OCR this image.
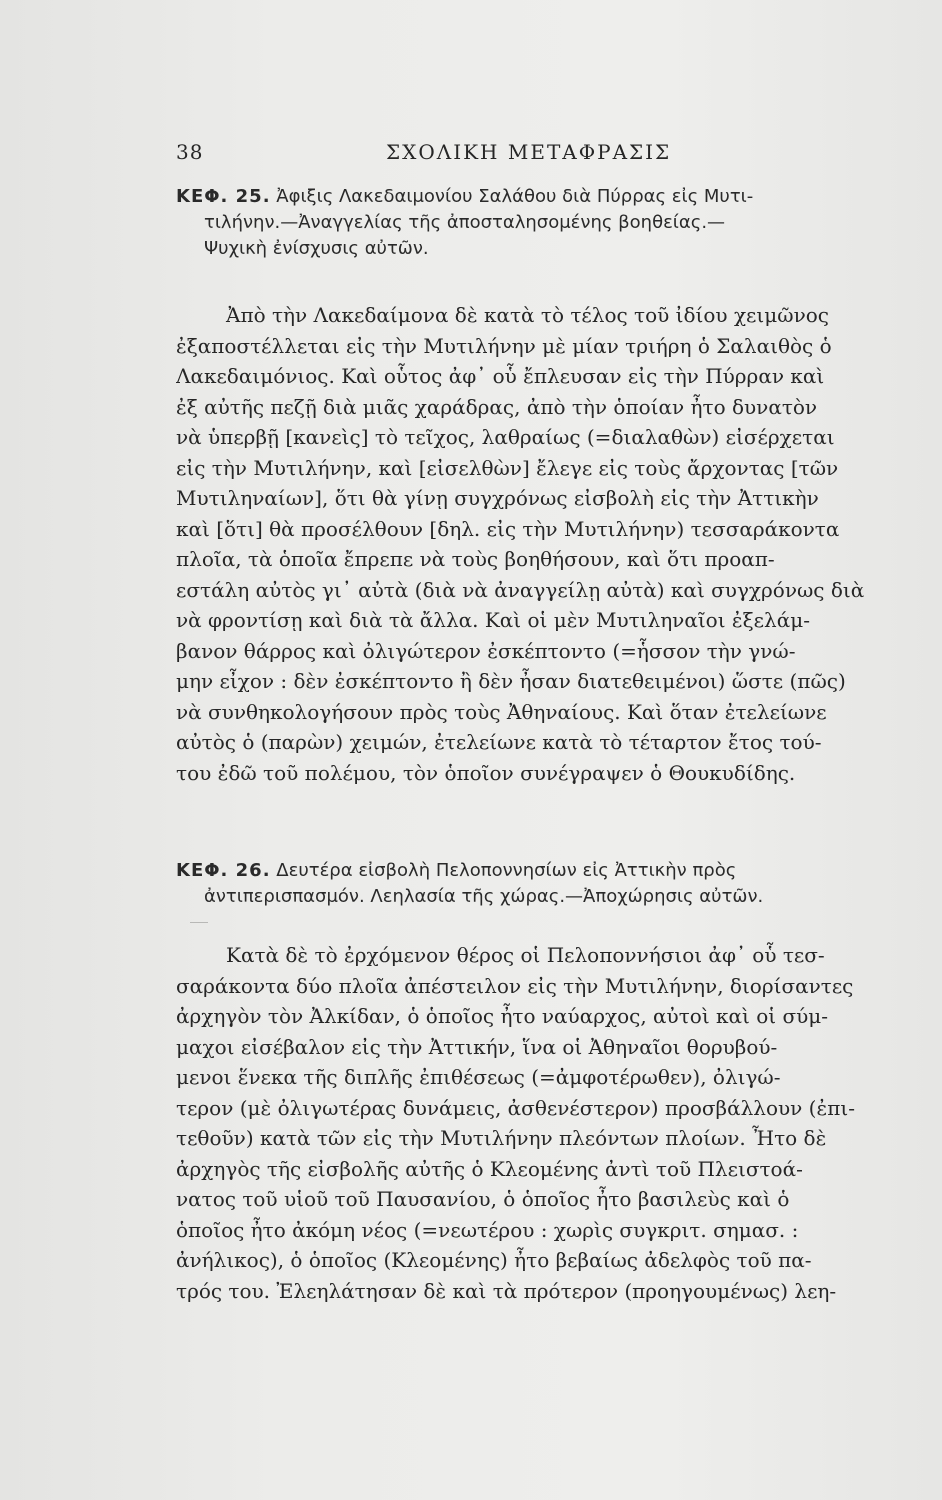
38	ΣΧΟΛΙΚΗ ΜΕΤΑΦΡΑΣΙΣ
ΚΕΦ. 25. Ἀφιξις Λακεδαιμονίου Σαλάθου διὰ Πύρρας εἰς Μυτι-
τιλήνην.—Ἀναγγελίας τῆς ἀποσταλησομένης βοηθείας.—
Ψυχικὴ ἐνίσχυσις αὐτῶν.
Ἀπὸ τὴν Λακεδαίμονα δὲ κατὰ τὸ τέλος τοῦ ἰδίου χειμῶνος
ἐξαποστέλλεται εἰς τὴν Μυτιλήνην μὲ μίαν τριήρη ὁ Σαλαιθὸς ὁ
Λακεδαιμόνιος. Καὶ οὗτος ἀφ᾽ οὗ ἔπλευσαν εἰς τὴν Πύρραν καὶ
ἐξ αὐτῆς πεζῇ διὰ μιᾶς χαράδρας, ἀπὸ τὴν ὁποίαν ἦτο δυνατὸν
νὰ ὑπερβῇ [κανεὶς] τὸ τεῖχος, λαθραίως (=διαλαθὼν) εἰσέρχεται
εἰς τὴν Μυτιλήνην, καὶ [εἰσελθὼν] ἔλεγε εἰς τοὺς ἄρχοντας [τῶν
Μυτιληναίων], ὅτι θὰ γίνῃ συγχρόνως εἰσβολὴ εἰς τὴν Ἀττικὴν
καὶ [ὅτι] θὰ προσέλθουν [δηλ. εἰς τὴν Μυτιλήνην) τεσσαράκοντα
πλοῖα, τὰ ὁποῖα ἔπρεπε νὰ τοὺς βοηθήσουν, καὶ ὅτι προαπ-
εστάλη αὐτὸς γι᾽ αὐτὰ (διὰ νὰ ἀναγγείλῃ αὐτὰ) καὶ συγχρόνως διὰ
νὰ φροντίσῃ καὶ διὰ τὰ ἄλλα. Καὶ οἱ μὲν Μυτιληναῖοι ἐξελάμ-
βανον θάρρος καὶ ὀλιγώτερον ἐσκέπτοντο (=ἧσσον τὴν γνώ-
μην εἶχον : δὲν ἐσκέπτοντο ἢ δὲν ἦσαν διατεθειμένοι) ὥστε (πῶς)
νὰ συνθηκολογήσουν πρὸς τοὺς Ἀθηναίους. Καὶ ὅταν ἐτελείωνε
αὐτὸς ὁ (παρὼν) χειμών, ἐτελείωνε κατὰ τὸ τέταρτον ἔτος τού-
του ἐδῶ τοῦ πολέμου, τὸν ὁποῖον συνέγραψεν ὁ Θουκυδίδης.
ΚΕΦ. 26. Δευτέρα εἰσβολὴ Πελοποννησίων εἰς Ἀττικὴν πρὸς
ἀντιπερισπασμόν. Λεηλασία τῆς χώρας.—Ἀποχώρησις αὐτῶν.
Κατὰ δὲ τὸ ἐρχόμενον θέρος οἱ Πελοποννήσιοι ἀφ᾽ οὗ τεσ-
σαράκοντα δύο πλοῖα ἀπέστειλον εἰς τὴν Μυτιλήνην, διορίσαντες
ἀρχηγὸν τὸν Ἀλκίδαν, ὁ ὁποῖος ἦτο ναύαρχος, αὐτοὶ καὶ οἱ σύμ-
μαχοι εἰσέβαλον εἰς τὴν Ἀττικήν, ἵνα οἱ Ἀθηναῖοι θορυβού-
μενοι ἕνεκα τῆς διπλῆς ἐπιθέσεως (=ἀμφοτέρωθεν), ὀλιγώ-
τερον (μὲ ὀλιγωτέρας δυνάμεις, ἀσθενέστερον) προσβάλλουν (ἐπι-
τεθοῦν) κατὰ τῶν εἰς τὴν Μυτιλήνην πλεόντων πλοίων. Ἦτο δὲ
ἀρχηγὸς τῆς εἰσβολῆς αὐτῆς ὁ Κλεομένης ἀντὶ τοῦ Πλειστοά-
νατος τοῦ υἱοῦ τοῦ Παυσανίου, ὁ ὁποῖος ἦτο βασιλεὺς καὶ ὁ
ὁποῖος ἦτο ἀκόμη νέος (=νεωτέρου : χωρὶς συγκριτ. σημασ. :
ἀνήλικος), ὁ ὁποῖος (Κλεομένης) ἦτο βεβαίως ἀδελφὸς τοῦ πα-
τρός του. Ἐλεηλάτησαν δὲ καὶ τὰ πρότερον (προηγουμένως) λεη-
